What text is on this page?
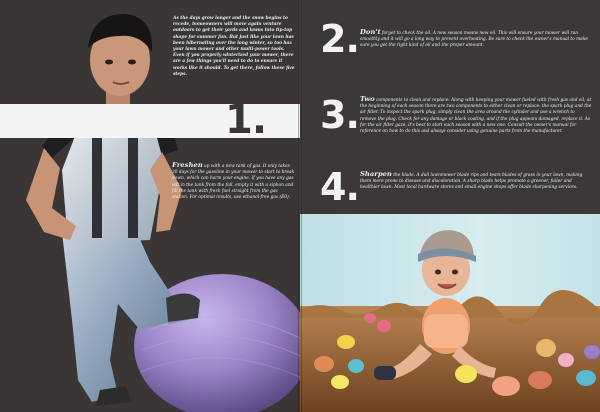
1.
As the days grow longer and the snow begins to recede, homeowners will move again venture outdoors to get their yards and lawns into tip-top shape for summer fun. But just like your lawn has been hibernating over the long winter, so too has your lawn mower and other multi-power tools. Even if you properly winterized your mower, there are a few things you'll need to do to ensure it works like it should. To get there, follow these five steps.
Freshen up with a new tank of gas. It only takes 30 days for the gasoline in your mower to start to break down, which can harm your engine. If you have any gas left in the tank from the fall, empty it with a siphon and fill the tank with fresh fuel straight from the gas station. For optimal results, use ethanol-free gas (E0).
2. Don't forget to check the oil. A new season means new oil. This will ensure your mower will run smoothly and it will go a long way to prevent overheating. Be sure to check the owner's manual to make sure you get the right kind of oil and the proper amount.
3. Two components to clean and replace: Along with keeping your mower fueled with fresh gas and oil, at the beginning of each season there are two components to either clean or replace: the spark plug and the air filter. To inspect the spark plug, simply clean the area around the cylinder and use a wrench to remove the plug. Check for any damage or black coating, and if the plug appears damaged, replace it. As for the air filter gaze, it's best to start each season with a new one. Consult the owner's manual for reference on how to do this and always consider using genuine parts from the manufacturer.
4. Sharpen the blade. A dull lawnmower blade rips and tears blades of grass in your lawn, making them more prone to disease and discoloration. A sharp blade helps promote a greener, fuller and healthier lawn. Most local hardware stores and small engine shops offer blade sharpening services.
